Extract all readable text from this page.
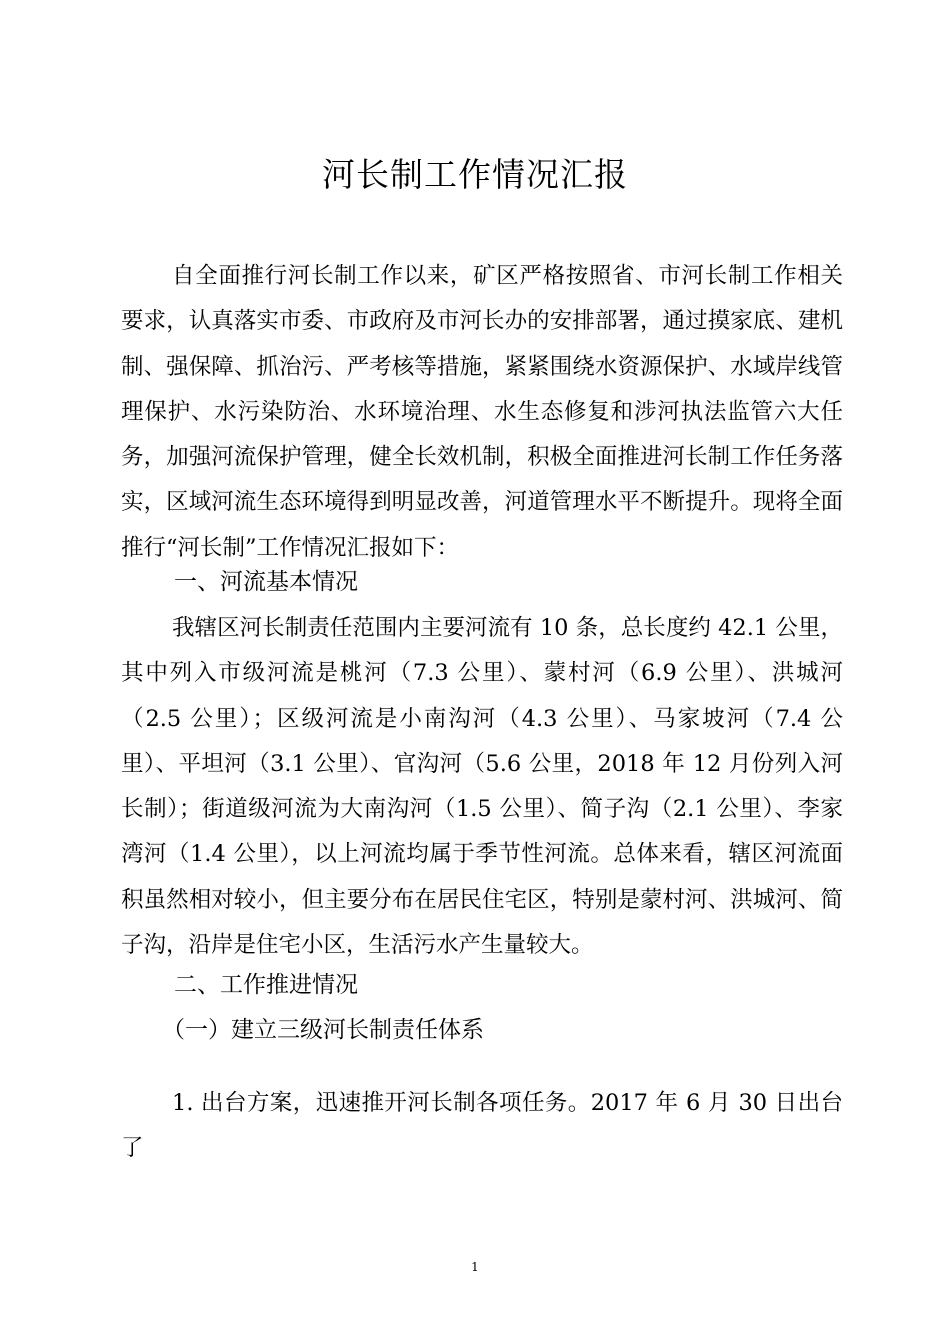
河长制工作情况汇报

自全面推行河长制工作以来，矿区严格按照省、市河长制工作相关要求，认真落实市委、市政府及市河长办的安排部署，通过摸家底、建机制、强保障、抓治污、严考核等措施，紧紧围绕水资源保护、水域岸线管理保护、水污染防治、水环境治理、水生态修复和涉河执法监管六大任务，加强河流保护管理，健全长效机制，积极全面推进河长制工作任务落实，区域河流生态环境得到明显改善，河道管理水平不断提升。现将全面推行“河长制”工作情况汇报如下：

一、河流基本情况

我辖区河长制责任范围内主要河流有 10 条，总长度约 42.1 公里，其中列入市级河流是桃河（7.3 公里）、蒙村河（6.9 公里）、洪城河（2.5 公里）；区级河流是小南沟河（4.3 公里）、马家坡河（7.4 公里）、平坦河（3.1 公里）、官沟河（5.6 公里，2018 年 12 月份列入河长制）；街道级河流为大南沟河（1.5 公里）、简子沟（2.1 公里）、李家湾河（1.4 公里），以上河流均属于季节性河流。总体来看，辖区河流面积虽然相对较小，但主要分布在居民住宅区，特别是蒙村河、洪城河、简子沟，沿岸是住宅小区，生活污水产生量较大。

二、工作推进情况
（一）建立三级河长制责任体系

1. 出台方案，迅速推开河长制各项任务。2017 年 6 月 30 日出台了

1
